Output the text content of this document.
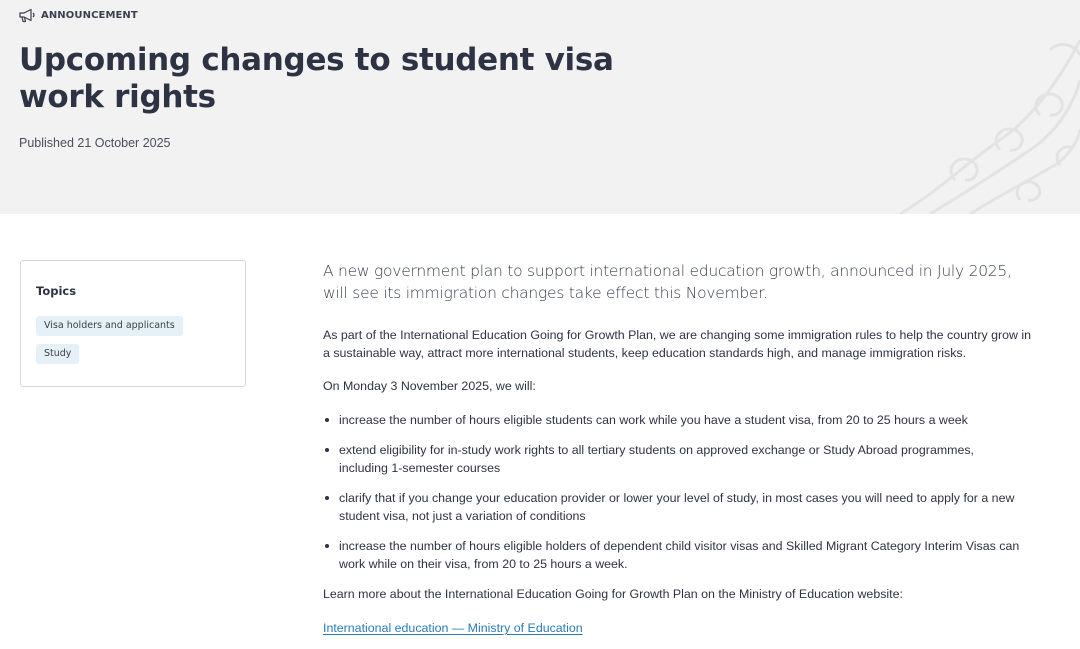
ANNOUNCEMENT
Upcoming changes to student visa work rights
Published 21 October 2025
Topics
Visa holders and applicants
Study

A new government plan to support international education growth, announced in July 2025, will see its immigration changes take effect this November.

As part of the International Education Going for Growth Plan, we are changing some immigration rules to help the country grow in a sustainable way, attract more international students, keep education standards high, and manage immigration risks.

On Monday 3 November 2025, we will:

increase the number of hours eligible students can work while you have a student visa, from 20 to 25 hours a week
extend eligibility for in-study work rights to all tertiary students on approved exchange or Study Abroad programmes, including 1-semester courses
clarify that if you change your education provider or lower your level of study, in most cases you will need to apply for a new student visa, not just a variation of conditions
increase the number of hours eligible holders of dependent child visitor visas and Skilled Migrant Category Interim Visas can work while on their visa, from 20 to 25 hours a week.

Learn more about the International Education Going for Growth Plan on the Ministry of Education website:

International education — Ministry of Education
